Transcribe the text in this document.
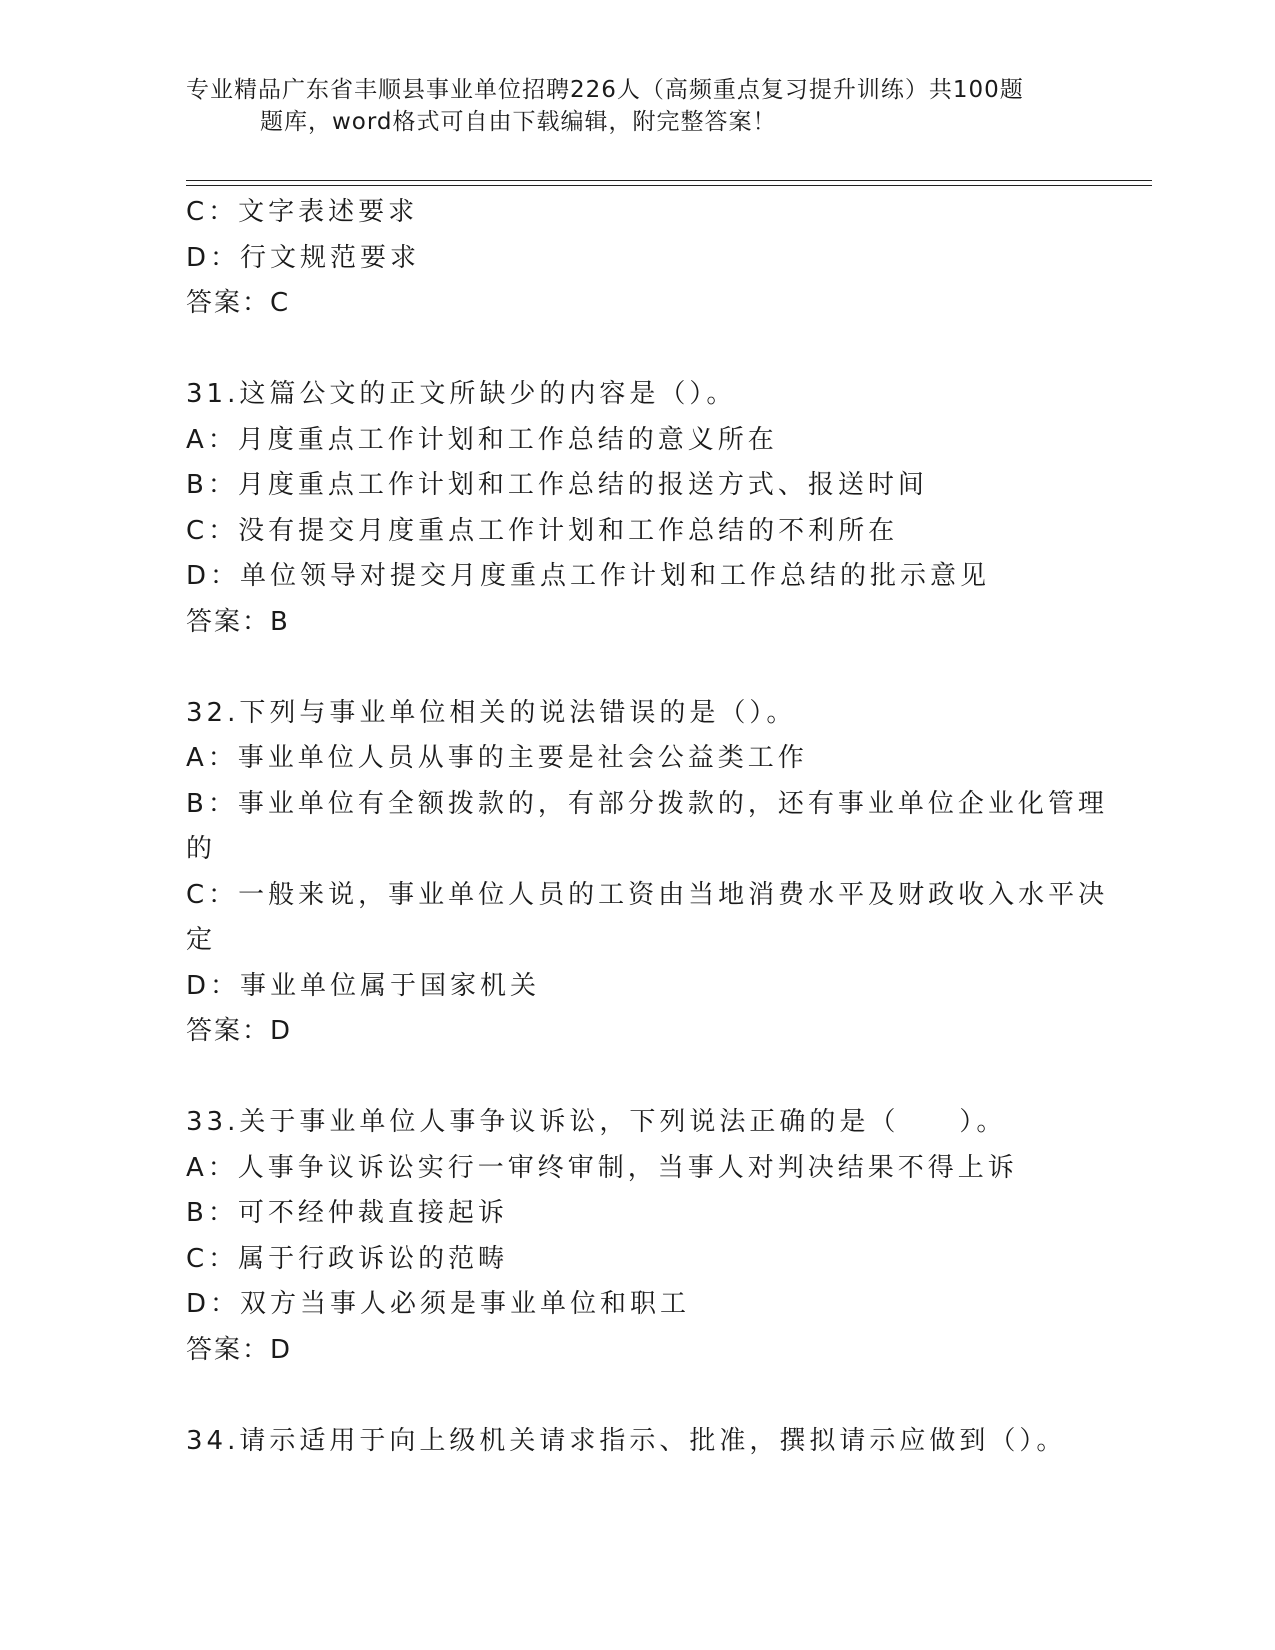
专业精品广东省丰顺县事业单位招聘226人（高频重点复习提升训练）共100题
题库，word格式可自由下载编辑，附完整答案！
C：文字表述要求
D：行文规范要求
答案：C
31.这篇公文的正文所缺少的内容是（）。
A：月度重点工作计划和工作总结的意义所在
B：月度重点工作计划和工作总结的报送方式、报送时间
C：没有提交月度重点工作计划和工作总结的不利所在
D：单位领导对提交月度重点工作计划和工作总结的批示意见
答案：B
32.下列与事业单位相关的说法错误的是（）。
A：事业单位人员从事的主要是社会公益类工作
B：事业单位有全额拨款的，有部分拨款的，还有事业单位企业化管理
的
C：一般来说，事业单位人员的工资由当地消费水平及财政收入水平决
定
D：事业单位属于国家机关
答案：D
33.关于事业单位人事争议诉讼，下列说法正确的是（　　）。
A：人事争议诉讼实行一审终审制，当事人对判决结果不得上诉
B：可不经仲裁直接起诉
C：属于行政诉讼的范畴
D：双方当事人必须是事业单位和职工
答案：D
34.请示适用于向上级机关请求指示、批准，撰拟请示应做到（）。
